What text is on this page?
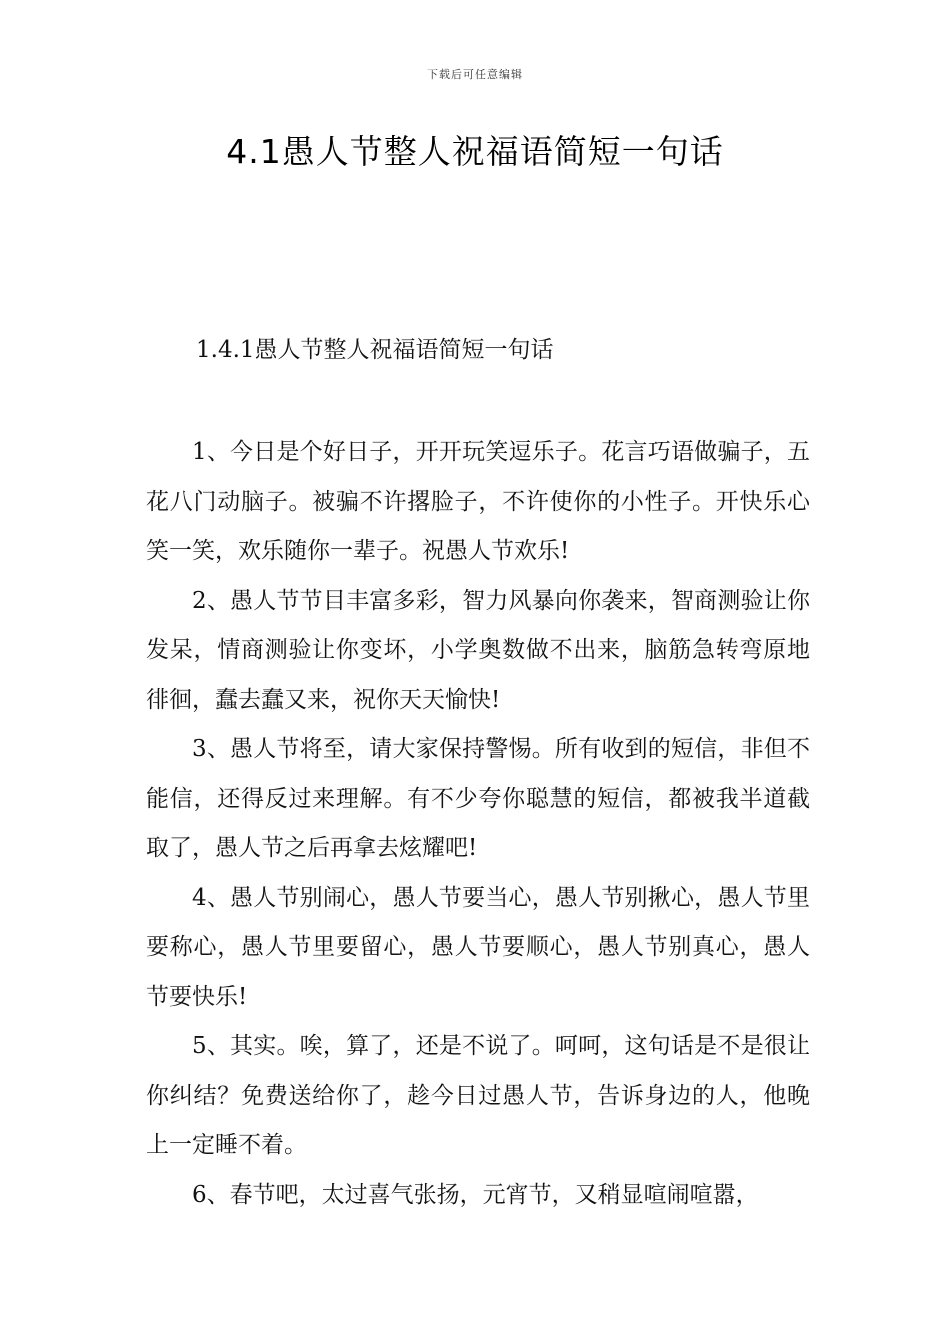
下载后可任意编辑
4.1愚人节整人祝福语简短一句话

1.4.1愚人节整人祝福语简短一句话

1、今日是个好日子，开开玩笑逗乐子。花言巧语做骗子，五花八门动脑子。被骗不许撂脸子，不许使你的小性子。开快乐心笑一笑，欢乐随你一辈子。祝愚人节欢乐!

2、愚人节节目丰富多彩，智力风暴向你袭来，智商测验让你发呆，情商测验让你变坏，小学奥数做不出来，脑筋急转弯原地徘徊，蠢去蠢又来，祝你天天愉快!

3、愚人节将至，请大家保持警惕。所有收到的短信，非但不能信，还得反过来理解。有不少夸你聪慧的短信，都被我半道截取了，愚人节之后再拿去炫耀吧!

4、愚人节别闹心，愚人节要当心，愚人节别揪心，愚人节里要称心，愚人节里要留心，愚人节要顺心，愚人节别真心，愚人节要快乐!

5、其实。唉，算了，还是不说了。呵呵，这句话是不是很让你纠结？免费送给你了，趁今日过愚人节，告诉身边的人，他晚上一定睡不着。

6、春节吧，太过喜气张扬，元宵节，又稍显喧闹喧嚣，
